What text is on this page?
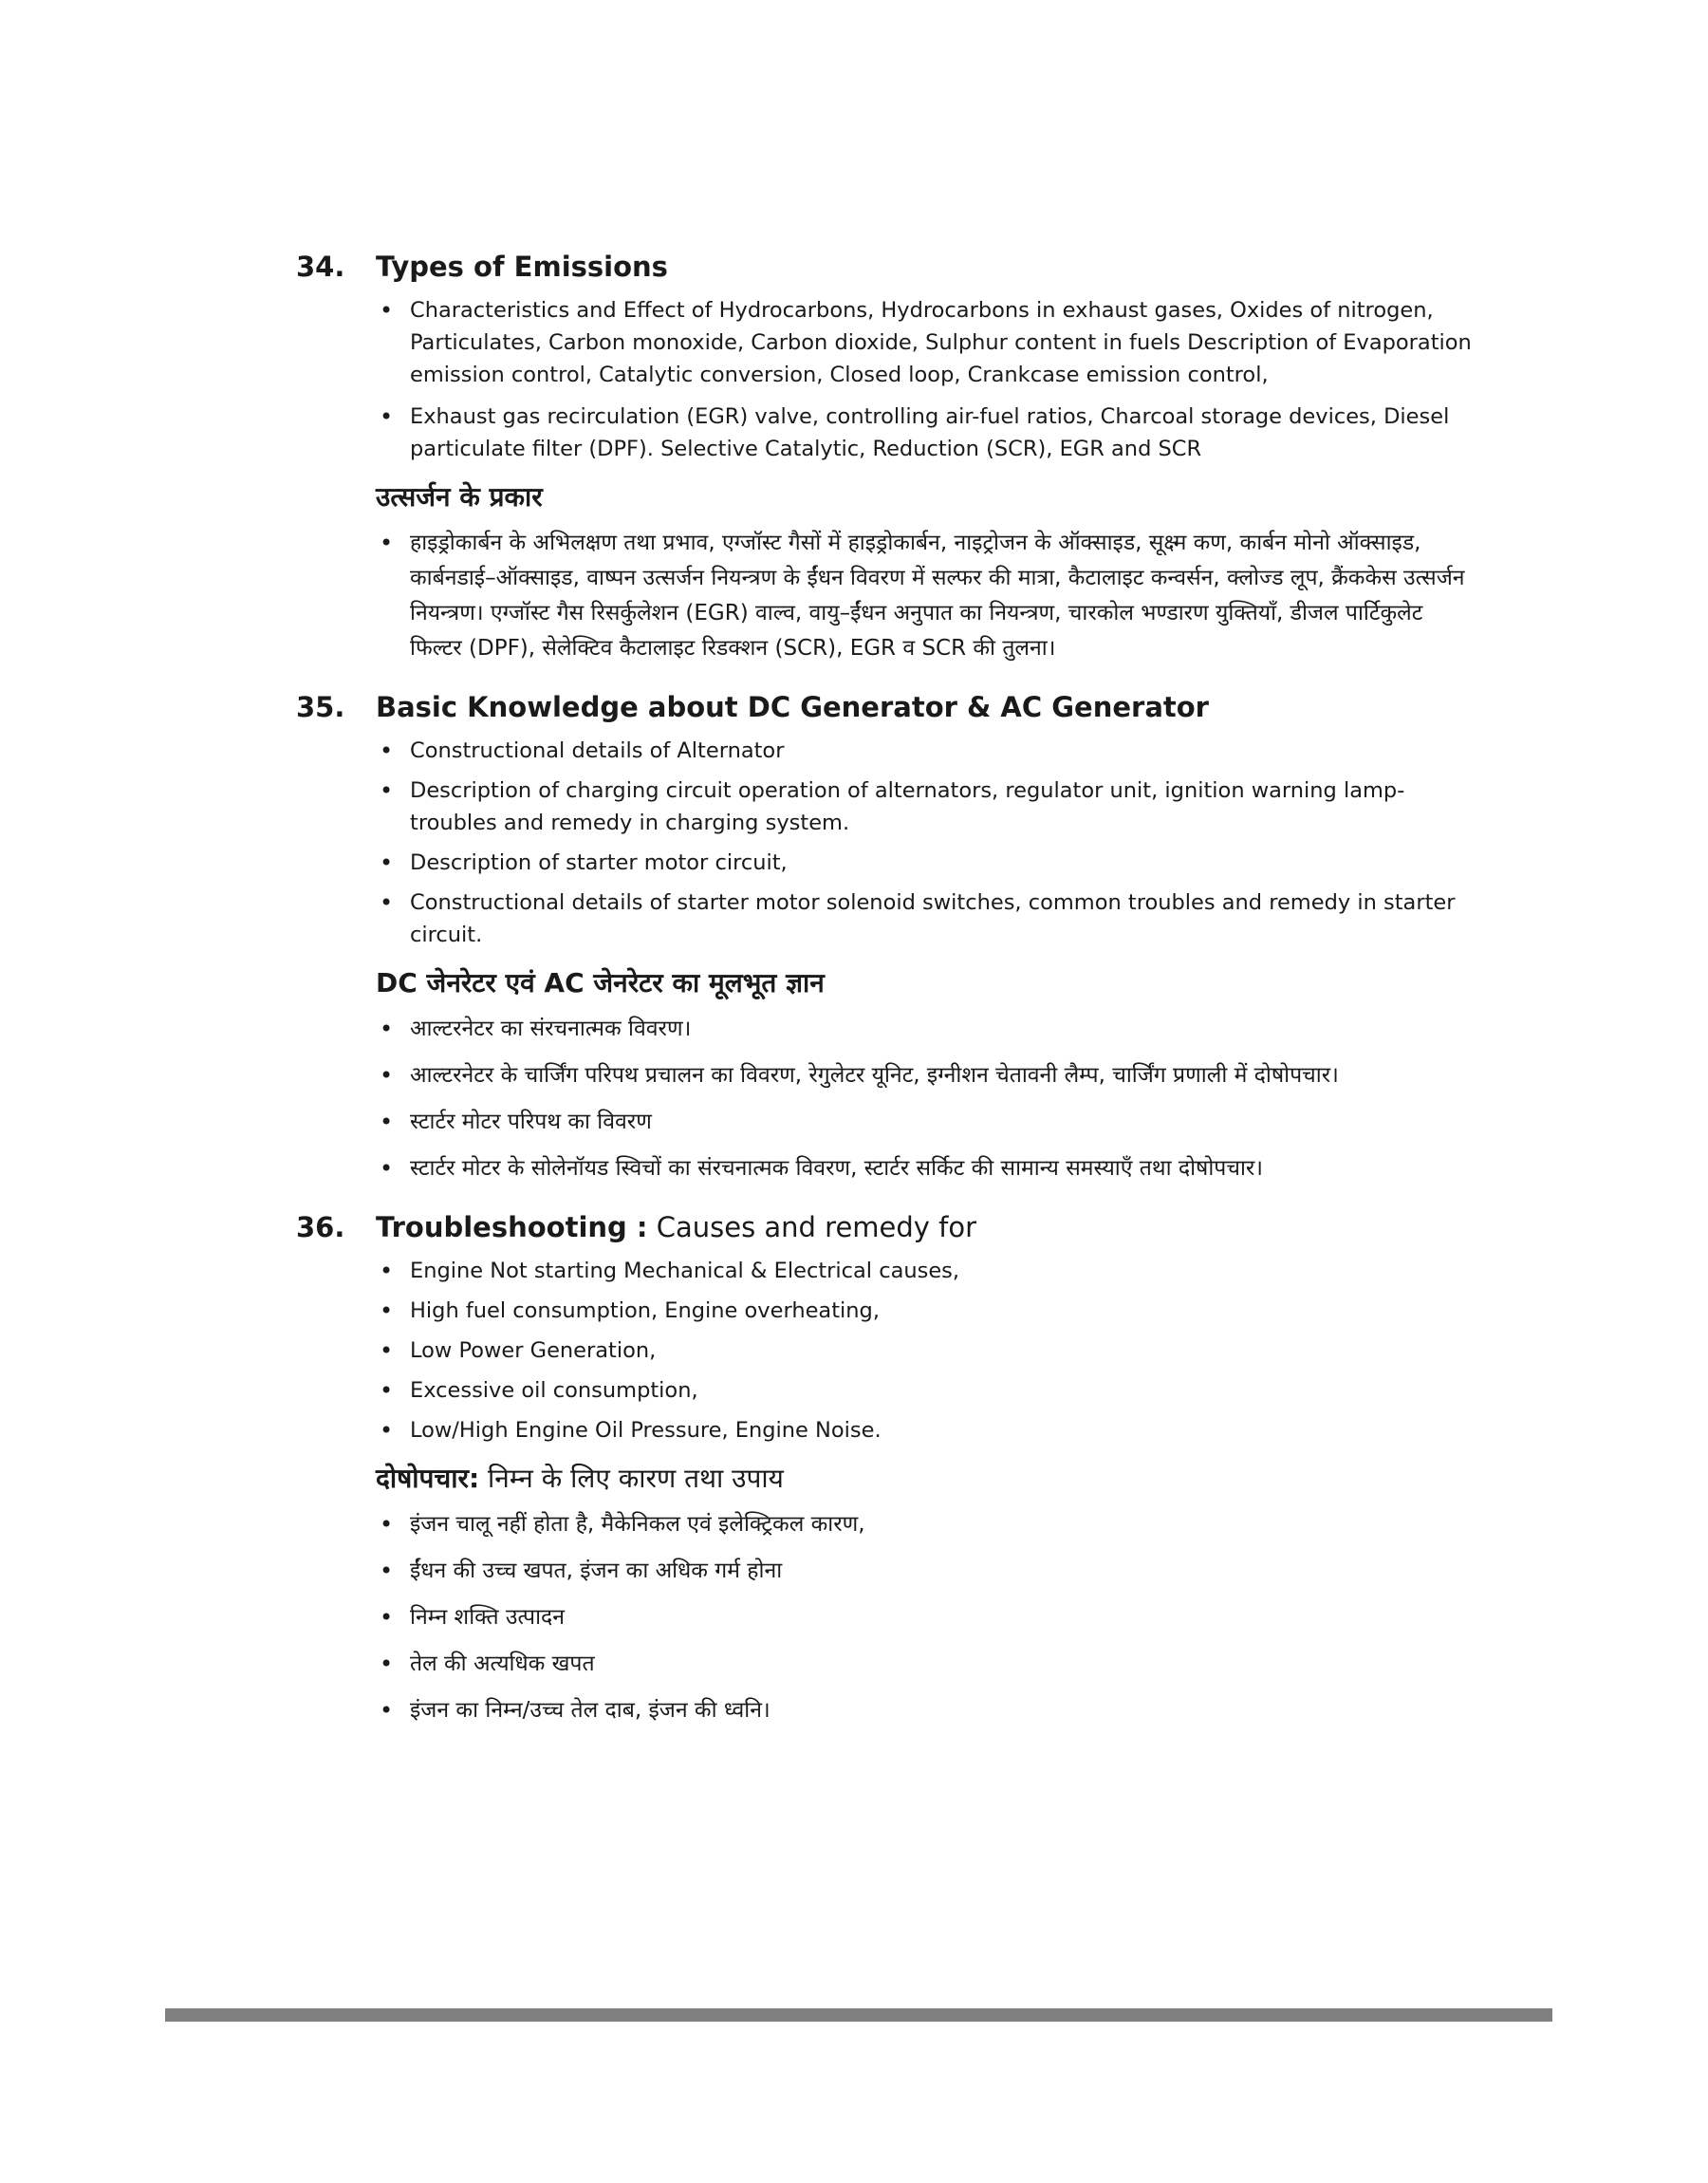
34.	Types of Emissions
• Characteristics and Effect of Hydrocarbons, Hydrocarbons in exhaust gases, Oxides of nitrogen, Particulates, Carbon monoxide, Carbon dioxide, Sulphur content in fuels Description of Evaporation emission control, Catalytic conversion, Closed loop, Crankcase emission control,
• Exhaust gas recirculation (EGR) valve, controlling air-fuel ratios, Charcoal storage devices, Diesel particulate filter (DPF). Selective Catalytic, Reduction (SCR), EGR and SCR
उत्सर्जन के प्रकार
• हाइड्रोकार्बन के अभिलक्षण तथा प्रभाव, एग्जॉस्ट गैसों में हाइड्रोकार्बन, नाइट्रोजन के ऑक्साइड, सूक्ष्म कण, कार्बन मोनो ऑक्साइड, कार्बनडाई–ऑक्साइड, वाष्पन उत्सर्जन नियन्त्रण के ईंधन विवरण में सल्फर की मात्रा, कैटालाइट कन्वर्सन, क्लोज्ड लूप, क्रैंककेस उत्सर्जन नियन्त्रण। एग्जॉस्ट गैस रिसर्कुलेशन (EGR) वाल्व, वायु–ईंधन अनुपात का नियन्त्रण, चारकोल भण्डारण युक्तियाँ, डीजल पार्टिकुलेट फिल्टर (DPF), सेलेक्टिव कैटालाइट रिडक्शन (SCR), EGR व SCR की तुलना।
35.	Basic Knowledge about DC Generator & AC Generator
• Constructional details of Alternator
• Description of charging circuit operation of alternators, regulator unit, ignition warning lamp-troubles and remedy in charging system.
• Description of starter motor circuit,
• Constructional details of starter motor solenoid switches, common troubles and remedy in starter circuit.
DC जेनरेटर एवं AC जेनरेटर का मूलभूत ज्ञान
• आल्टरनेटर का संरचनात्मक विवरण।
• आल्टरनेटर के चार्जिंग परिपथ प्रचालन का विवरण, रेगुलेटर यूनिट, इग्नीशन चेतावनी लैम्प, चार्जिंग प्रणाली में दोषोपचार।
• स्टार्टर मोटर परिपथ का विवरण
• स्टार्टर मोटर के सोलेनॉयड स्विचों का संरचनात्मक विवरण, स्टार्टर सर्किट की सामान्य समस्याएँ तथा दोषोपचार।
36.	Troubleshooting : Causes and remedy for
• Engine Not starting Mechanical & Electrical causes,
• High fuel consumption, Engine overheating,
• Low Power Generation,
• Excessive oil consumption,
• Low/High Engine Oil Pressure, Engine Noise.
दोषोपचार: निम्न के लिए कारण तथा उपाय
• इंजन चालू नहीं होता है, मैकेनिकल एवं इलेक्ट्रिकल कारण,
• ईंधन की उच्च खपत, इंजन का अधिक गर्म होना
• निम्न शक्ति उत्पादन
• तेल की अत्यधिक खपत
• इंजन का निम्न/उच्च तेल दाब, इंजन की ध्वनि।
